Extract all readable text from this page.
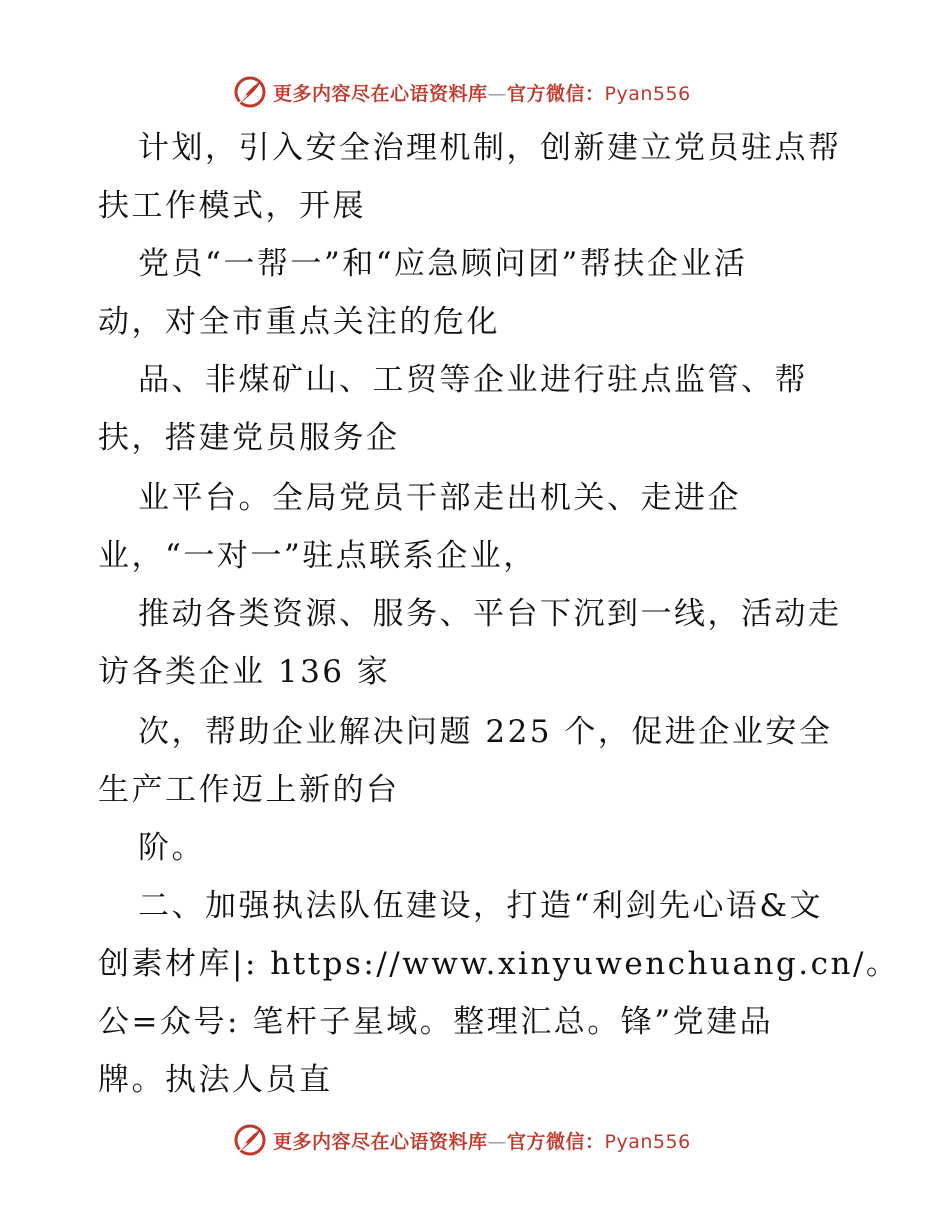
更多内容尽在心语资料库—官方微信：Pyan556
计划，引入安全治理机制，创新建立党员驻点帮
扶工作模式，开展
党员“一帮一”和“应急顾问团”帮扶企业活
动，对全市重点关注的危化
品、非煤矿山、工贸等企业进行驻点监管、帮
扶，搭建党员服务企
业平台。全局党员干部走出机关、走进企
业，“一对一”驻点联系企业，
推动各类资源、服务、平台下沉到一线，活动走
访各类企业 136 家
次，帮助企业解决问题 225 个，促进企业安全
生产工作迈上新的台
阶。
二、加强执法队伍建设，打造“利剑先心语&文
创素材库|: https://www.xinyuwenchuang.cn/。
公=众号: 笔杆子星域。整理汇总。锋”党建品
牌。执法人员直
更多内容尽在心语资料库—官方微信：Pyan556
